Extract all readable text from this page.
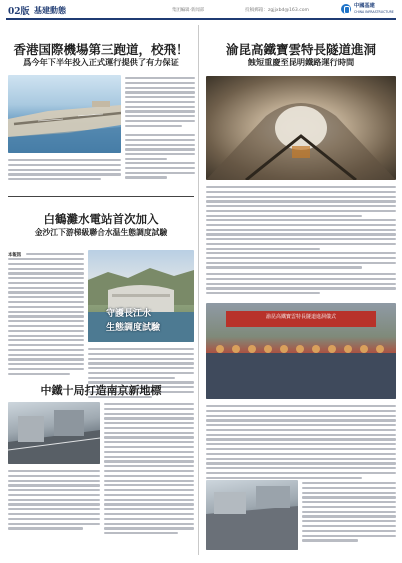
02版 基建動態	集团編辑·新闻部	投稿郵箱：zgjjxbd@163.com
中國基建
CHINA INFRASTRUCTURE
香港国際機場第三跑道，校飛！
爲今年下半年投入正式運行提供了有力保证
白鶴灘水電站首次加入
金沙江下游梯級聯合水温生態調度試驗
本報訊
守護長江水
生態調度試驗
中鐵十局打造南京新地標
渝昆高鐵寶雲特長隧道進洞
蝕短重慶至昆明鐵路運行時間
渝昆高鐵寶雲特長隧道進洞儀式
